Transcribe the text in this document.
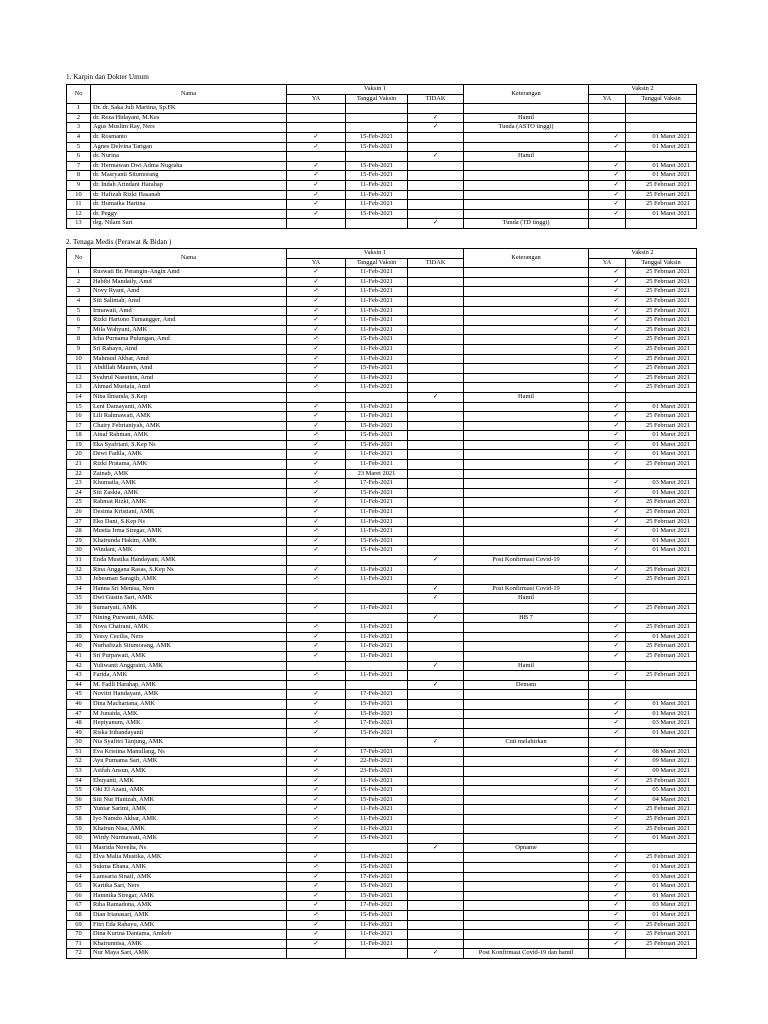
1. Karpin dan Dokter Umum
No	Nama	Vaksin 1			Keterangan	Vaksin 2	
		YA	Tanggal Vaksin	TIDAK		YA	Tanggal Vaksin
1	Dr. dr. Saka Juli Martina, Sp.FK						
2	dr. Reza Hidayani, M.Kes			✓	Hamil		
3	Agus Muslim Ray, Ners			✓	Tunda (ASTO tinggi)		
4	dr. Rosmanto	✓	15-Feb-2021			✓	01 Maret 2021
5	Agnes Delvina Tarigan	✓	15-Feb-2021			✓	01 Maret 2021
6	dr. Nurina			✓	Hamil		
7	dr. Hermawan Dwi Adma Nugraha	✓	15-Feb-2021			✓	01 Maret 2021
8	dr. Masryanti Situmorang	✓	15-Feb-2021			✓	01 Maret 2021
9	dr. Indah Arindani Harahap	✓	11-Feb-2021			✓	25 Februari 2021
10	dr. Hafizah Rizki Hasanah	✓	11-Feb-2021			✓	25 Februari 2021
11	dr. Humaika Hartina	✓	11-Feb-2021			✓	25 Februari 2021
12	dr. Peggy	✓	15-Feb-2021			✓	01 Maret 2021
13	drg. Nilam Sari			✓	Tunda (TD tinggi)		
2. Tenaga Medis (Perawat & Bidan )
No	Nama	Vaksin 1			Keterangan	Vaksin 2	
		YA	Tanggal Vaksin	TIDAK		YA	Tanggal Vaksin
1	Ruswati Br. Perangin-Angin Amd	✓	11-Feb-2021			✓	25 Februari 2021
2	Habibi Mandaily, Amd	✓	11-Feb-2021			✓	25 Februari 2021
3	Novy Ryani, Amd	✓	11-Feb-2021			✓	25 Februari 2021
4	Siti Salimah, Amd	✓	11-Feb-2021			✓	25 Februari 2021
5	Irmawati, Amd	✓	11-Feb-2021			✓	25 Februari 2021
6	Rizki Hartono Tumangger, Amd	✓	11-Feb-2021			✓	25 Februari 2021
7	Mila Wahyuni, AMK	✓	11-Feb-2021			✓	25 Februari 2021
8	Icha Purnama Pulungan, Amd	✓	15-Feb-2021			✓	25 Februari 2021
9	Sri Rahayu, Amd	✓	11-Feb-2021			✓	25 Februari 2021
10	Mahmud Akbar, Amd	✓	11-Feb-2021			✓	25 Februari 2021
11	Abdillah Mauren, Amd	✓	15-Feb-2021			✓	25 Februari 2021
12	Syahrul Nasution, Amd	✓	11-Feb-2021			✓	25 Februari 2021
13	Ahmad Mustafa, Amd	✓	11-Feb-2021			✓	25 Februari 2021
14	Nina Ilmanda, S.Kep			✓	Hamil		
15	Leni Damayanti, AMK	✓	11-Feb-2021			✓	01 Maret 2021
16	Lili Rahmawati, AMK	✓	11-Feb-2021			✓	25 Februari 2021
17	Chairy Febrianiyah, AMK	✓	15-Feb-2021			✓	25 Februari 2021
18	Ainaf Rahman, AMK	✓	15-Feb-2021			✓	01 Maret 2021
19	Eka Syafriani, S.Kep Ns	✓	15-Feb-2021			✓	01 Maret 2021
20	Dewi Fadila, AMK	✓	11-Feb-2021			✓	01 Maret 2021
21	Rizki Pratama, AMK	✓	11-Feb-2021			✓	25 Februari 2021
22	Zainab, AMK	✓	23 Maret 2021				
23	Khumaila, AMK	✓	17-Feb-2021			✓	03 Maret 2021
24	Siti Zaskia, AMK	✓	15-Feb-2021			✓	01 Maret 2021
25	Rahmat Rizki, AMK	✓	11-Feb-2021			✓	25 Februari 2021
26	Desima Kristiani, AMK	✓	11-Feb-2021			✓	25 Februari 2021
27	Eko Dani, S.Kep Ns	✓	11-Feb-2021			✓	25 Februari 2021
28	Mustia Irma Siregar, AMK	✓	11-Feb-2021			✓	01 Maret 2021
29	Khairunda Hakim, AMK	✓	15-Feb-2021			✓	01 Maret 2021
30	Windani, AMK	✓	15-Feb-2021			✓	01 Maret 2021
31	Enda Mustika Handayani, AMK			✓	Post Konfirmasi Covid-19		
32	Rina Anggana Rasas, S.Kep Ns	✓	11-Feb-2021			✓	25 Februari 2021
33	Jehesman Saragih, AMK	✓	11-Feb-2021			✓	25 Februari 2021
34	Hanna Sri Menisa, Ners			✓	Post Konfirmasi Covid-19		
35	Dwi Gustin Sari, AMK			✓	Hamil		
36	Sumaryati, AMK	✓	11-Feb-2021			✓	25 Februari 2021
37	Nining Purwanti, AMK			✓	HB 7		
38	Nova Chairani, AMK	✓	11-Feb-2021			✓	25 Februari 2021
39	Yessy Cecilia, Ners	✓	11-Feb-2021			✓	01 Maret 2021
40	Nurhafizah Situmorang, AMK	✓	11-Feb-2021			✓	25 Februari 2021
41	Sri Purpawati, AMK	✓	11-Feb-2021			✓	25 Februari 2021
42	Yuliwanti Anggraini, AMK			✓	Hamil		
43	Farida, AMK	✓	11-Feb-2021			✓	25 Februari 2021
44	M. Fadli Harahap, AMK			✓	Demam		
45	Novitri Handayani, AMK	✓	17-Feb-2021				
46	Dina Machariana, AMK	✓	15-Feb-2021			✓	01 Maret 2021
47	M Junaida, AMK	✓	15-Feb-2021			✓	01 Maret 2021
48	Hepiyanum, AMK	✓	17-Feb-2021			✓	03 Maret 2021
49	Riska Irihandayanti	✓	15-Feb-2021			✓	01 Maret 2021
50	Nia Syafitri Tanjung, AMK			✓	Cuti melahirkan		
51	Eva Kristina Manullang, Ns	✓	17-Feb-2021			✓	08 Maret 2021
52	Ayu Purnama Sari, AMK	✓	22-Feb-2021			✓	09 Maret 2021
53	Asifah Ansun, AMK	✓	23-Feb-2021			✓	09 Maret 2021
54	Ebuyanti, AMK	✓	11-Feb-2021			✓	25 Februari 2021
55	Oki El Azani, AMK	✓	15-Feb-2021			✓	05 Maret 2021
56	Siti Nur Hanizah, AMK	✓	15-Feb-2021			✓	04 Maret 2021
57	Yuniar Sarimi, AMK	✓	11-Feb-2021			✓	25 Februari 2021
58	Iyo Namdo Akbar, AMK	✓	11-Feb-2021			✓	25 Februari 2021
59	Khairun Nisa, AMK	✓	11-Feb-2021			✓	25 Februari 2021
60	Wirdy Nurmawati, AMK	✓	15-Feb-2021			✓	01 Maret 2021
61	Masrida Novelia, Ns			✓	Opname		
62	Elva Malia Mustika, AMK	✓	11-Feb-2021			✓	25 Februari 2021
63	Sukma Ehana, AMK	✓	15-Feb-2021			✓	01 Maret 2021
64	Lamsaria Sinaif, AMK	✓	17-Feb-2021			✓	03 Maret 2021
65	Kartika Sari, Ners	✓	15-Feb-2021			✓	01 Maret 2021
66	Hamnika Siregar, AMK	✓	15-Feb-2021			✓	01 Maret 2021
67	Riba Ramadona, AMK	✓	17-Feb-2021			✓	03 Maret 2021
68	Dian Irianasari, AMK	✓	15-Feb-2021			✓	01 Maret 2021
69	Fitri Eda Rahayu, AMK	✓	11-Feb-2021			✓	25 Februari 2021
70	Dina Kurina Dantama, Amkeb	✓	11-Feb-2021			✓	25 Februari 2021
71	Khairunnisa, AMK	✓	11-Feb-2021			✓	25 Februari 2021
72	Nur Maya Sari, AMK			✓	Post Konfirmasi Covid-19 dan hamil		
